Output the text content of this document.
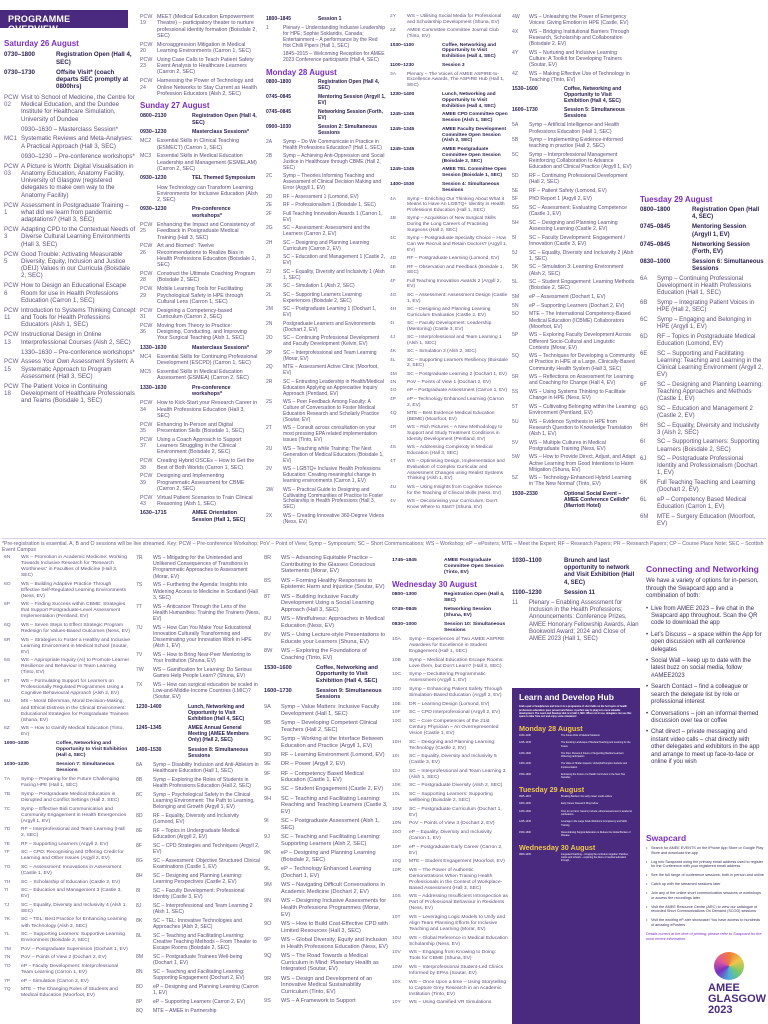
PROGRAMME OVERVIEW
Saturday 26 August
0730–1800	Registration Open (Hall 4, SEC)
0730–1730	Offsite Visit* (coach departs SEC promptly at 0800hrs)
PCW 02
Visit to School of Medicine, the Centre for Medical Education, and the Dundee Institute for Healthcare Simulation, University of Dundee
0930–1630 – Masterclass Session*
MC1 Systematic Reviews and Meta-Analyses: A Practical Approach (Hall 3, SEC)
0930–1230 – Pre-conference workshops*
PCW 03
A Picture is Worth: Digital Visualisation in Anatomy Education, Anatomy Facility, University of Glasgow (registered delegates to make own way to the Anatomy Facility)
PCW 1
Assessment in Postgraduate Training – what did we learn from pandemic adaptations? (Hall 3, SEC)
PCW 3
Adapting CPD to the Contextual Needs of Diverse Cultural Learning Environments (Hall 3, SEC)
PCW 5
Good Trouble: Activating Measurable Diversity, Equity, Inclusion and Justice (DEIJ) Values in our Curricula (Boisdale 2, SEC)
PCW 6
How to Design an Educational Escape Room for use in Health Professions Education (Carron 1, SEC)
PCW 11
Introduction to Systems Thinking Concept and Tools for Health Professions Educators (Alsh 1, SEC)
PCW 13
Instructional Design in Online Interprofessional Courses (Alsh 2, SEC)
1330–1630 – Pre-conference workshops*
PCW 15
Assess Your Own Assessment System: A Systematic Approach to Program Assessment (Hall 3, SEC)
PCW 18
The Patient Voice in Continuing Development of Healthcare Professionals and Teams (Boisdale 1, SEC)
PCW 19
MEET (Medical Education Empowerment Theatre) – participatory theater to nurture professional identity formation (Boisdale 2, SEC)
PCW 20
Microaggression Mitigation in Medical Learning Environments (Carron 1, SEC)
PCW 23
Using Case Calls to Teach Patient Safety Event Analysis to Healthcare Learners (Carron 2, SEC)
PCW 24
Harnessing the Power of Technology and Online Networks to Stay Current as Health Profession Educators (Alsh 2, SEC)
Sunday 27 August
0800–2130	Registration Open (Hall 4, SEC)
0930–1230	Masterclass Sessions*
MC2	Essential Skills in Clinical Teaching (ESMECT) (Carron 1, SEC)
MC3	Essential Skills in Medical Education Leadership and Management (ESMELAM) (Carron 2, SEC)
0930–1230	TEL Themed Symposium
How Technology can Transform Learning Environments for Inclusive Education (Alsh 2, SEC)
0930–1230	Pre-conference workshops*
PCW 25
Enhancing the Impact and Consistency of Feedback in Postgraduate Medical Training (Hall 3, SEC)
PCW 26
Art and Biomed’: Twelve Recommendations to Realize Bias in Health Professions Education (Boisdale 1, SEC)
PCW 28
Construct the Ultimate Coaching Program (Boisdale 2, SEC)
PCW 29
Mobile Learning Tools for Facilitating Psychological Safety in HPE through Cultural Lens (Carron 1, SEC)
PCW 31
Designing a Competency-based Curriculum (Carron 2, SEC)
PCW 36
Moving from Theory to Practice: Designing, Conducting, and Improving Your Surgical Teaching (Alsh 1, SEC)
1330–1630	Masterclass Sessions*
MC4	Essential Skills for Continuing Professional Development (ESCPD) (Carron 1, SEC)
MC5	Essential Skills in Medical Education Assessment (ESMEA) (Carron 2, SEC)
1330–1630	Pre-conference workshops*
PCW 34
How to Kick-Start your Research Career in Health Professions Education (Hall 3, SEC)
PCW 35
Enhancing In-Person and Digital Presentation Skills (Boisdale 1, SEC)
PCW 37
Using a Coach Approach to Support Learners Struggling in the Clinical Environment (Boisdale 2, SEC)
PCW 38
Creating Hybrid OSCEs – How to Get the Best of Both Worlds (Carron 1, SEC)
PCW 39
Designing and Implementing Programmatic Assessment for CBME (Carron 2, SEC)
PCW 43
Virtual Patient Scenarios to Train Clinical Reasoning (Alsh 1, SEC)
1630–1715	AMEE Orientation Session (Hall 1, SEC)
1800–1845	Session 1
1	Plenary – Understanding Inclusive Leadership for HPE; Sophie Soklaridis, Canada; Entertainment – A performance by the Red Hot Chilli Pipers (Hall 1, SEC)
1845–2015 – Welcoming Reception for AMEE 2023 Conference participants (Hall 4, SEC)
Monday 28 August
0800–1800	Registration Open (Hall 4, SEC)
0745–0845	Mentoring Session (Argyll 1, EV)
0745–0845	Networking Session (Forth, EV)
0900–1030	Session 2: Simultaneous Sessions
2A	Symp – Do We Communicate in Practice in Health Professions Education? (Hall 1, SEC)
2B	Symp – Achieving Anti-Oppression and Social Justice in Healthcare through CBME (Hall 2, SEC)
2C	Symp – Theories Informing Teaching and Assessment of Clinical Decision Making and Error (Argyll 1, EV)
2D	RF – Assessment 1 (Lomond, EV)
2E	RF – Professionalism 1 (Boisdale 1, SEC)
2F	Full Teaching Innovation Awards 1 (Carron 1, EV)
2G	SC – Assessment: Assessment and the Learners (Carron 2, EV)
2H	SC – Designing and Planning Learning Curriculum (Carron 2, EV)
2I	SC – Education and Management 1 (Castle 2, EV)
2J	SC – Equality, Diversity and Inclusivity 1 (Alsh 1, SEC)
2K	SC – Simulation 1 (Alsh 2, SEC)
2L	SC – Supporting Learners Learning Experiences (Boisdale 2, SEC)
2M	SC – Postgraduate Learning 1 (Dochart 1, EV)
2N	Postgraduate Learners and Environments (Dochart 2, EV)
2O	SC – Continuing Professional Development and Faculty Development (Kelvin, EV)
2P	SC – Interprofessional and Team Learning (Morar, EV)
2Q	MTE – Assessment Active Clinic (Moorfoot, EV)
2R	SC – Entrusting Leadership in Health/Medical Education Applying an Appreciative Inquiry Approach (Pentland, EV)
2S	WS – Peer Feedback Among Faculty: A Culture of Conversation to Foster Medical Education Research and Scholarly Practice (Soutar, EV)
2T	WS – Consult across consultation on your most pressing EPA related implementation issues (Tinto, EV)
2U	WS – Teaching while Training: The Next Generation of Medical Educators (Boisdale 1, EV)
2V	WS – LGBTQ+ Inclusive Health Professions Education: Creating meaningful change in learning environments (Carron 1, EV)
2W	WS – Practical Guide to Designing and Cultivating Communities of Practice to Foster Scholarship in Health Professions (Hall 3, SEC)
2X	WS – Creating Innovative 360-Degree Videos (Ness, EV)
2Y	WS – Utilising Social Media for Professional and Scholarship Development (Shuna, EV)
2Z	AMEE Committee Committee Journal Club (Tinto, EV)
1030–1100	Coffee, Networking and Opportunity to Visit Exhibition (Hall 4, SEC)
1100–1230	Session 3
3A	Plenary – The Voices of AMEE ASPIRE-to-Excellence Awards, The ASPIRE Hub (Hall 1, SEC)
1230–1400	Lunch, Networking and Opportunity to Visit Exhibition (Hall 4, SEC)
1245–1345	AMEE CPD Committee Open Session (Alsh 1, SEC)
1245–1345	AMEE Faculty Development Committee Open Session (Alsh 2, SEC)
1245–1345	AMEE Postgraduate Committee Open Session (Boisdale 2, SEC)
1245–1345	AMEE TEL Committee Open Session (Boisdale 1, SEC)
1400–1530	Session 4: Simultaneous Sessions
4A	Symp – Enriching Our Thinking About What it Means to Have An LGBTQ+ Identity in Health Professions Education (Hall 1, SEC)
4B	Symp – Acquisition of New Surgical Skills During the Long Careers of Practising Surgeons (Hall 2, SEC)
4C	Symp – Postgraduate Specialty Choice – How Can We Recruit and Retain Doctors? (Argyll 1, EV)
4D	RF – Postgraduate Learning (Lomond, EV)
4E	RF – Observation and Feedback (Boisdale 1, SEC)
4F	Full Teaching Innovation Awards 2 (Argyll 2, EV)
4G	SC – Assessment: Assessment Design (Castle 1, EV)
4H	SC – Designing and Planning Learning Curriculum Evaluation (Castle 2, EV)
4I	SC – Faculty Development: Leadership (Mentoring) (Castle 3, EV)
4J	SC – Interprofessional and Team Learning 1 (Alsh 1, SEC)
4K	SC – Simulation 2 (Alsh 2, SEC)
4L	SC – Supporting Learners Resiliency (Boisdale 2, SEC)
4M	SC – Postgraduate Learning 2 (Dochart 1, EV)
4N	PoV – Points of View 1 (Dochart 2, EV)
4O	eP – Postgraduate Assessment (Carron 1, EV)
4P	eP – Technology Enhanced Learning (Carron 2, EV)
4Q	MTE – Best Evidence Medical Education (BEME) (Moorfoot, EV)
4R	WS – Rich Pictures – A New Methodology to Support and Study Treatment Conditions in Identity Development (Pentland, EV)
4S	WS – Addressing Complexity in Medical Education (Hall 3, SEC)
4T	WS – Optimising Design, Implementation and Evaluation of Complex Curricular and Assessment Changes using Realist Systems Thinking (Alsh 1, EV)
4U	WS – Using Insights from Cognitive Science for the Teaching of Clinical Skills (Ness, EV)
4V	WS – Decolonising your Curriculum: Don’t Know Where to Start? (Shuna, EV)
4W	WS – Unleashing the Power of Emergency Voices: Giving Emotion in HPE (Castle, EV)
4X	WS – Bridging Institutional Barriers Through Research, Scholarship and Collaboration (Boisdale 2, EV)
4Y	WS – Nurturing and Inclusive Learning Culture: A Toolkit for Developing Trainers (Soutar, EV)
4Z	WS – Making Effective Use of Technology in Teaching (Tinto, EV)
1530–1600	Coffee, Networking and Opportunity to Visit Exhibition (Hall 4, SEC)
1600–1730	Session 5: Simultaneous Sessions
5A	Symp – Artificial Intelligence and Health Professions Education (Hall 1, SEC)
5B	Symp – Implementing Evidence-informed teaching in practice (Hall 2, SEC)
5C	Symp – Interprofessional Management Reinforcing Collaboration to Advance Education and Clinical Practice (Argyll 1, EV)
5D	RF – Continuing Professional Development (Hall 2, SEC)
5E	RF – Patient Safety (Lomond, EV)
5F	PhD Report 1 (Argyll 2, EV)
5G	SC – Assessment: Evaluating Competence (Castle 1, EV)
5H	SC – Designing and Planning Learning Assessing Learning (Castle 2, EV)
5I	SC – Faculty Development: Engagement / Innovation (Castle 3, EV)
5J	SC – Equality, Diversity and Inclusivity 2 (Alsh 1, SEC)
5K	SC – Simulation 3: Learning Environment (Alsh 2, SEC)
5L	SC – Student Engagement: Learning Methods (Boisdale 2, SEC)
5M	eP – Assessment (Dochart 1, EV)
5N	eP – Supporting Learners (Dochart 2, EV)
5O	MTE – The International Competency-Based Medical Education (ICBME) Collaborators (Moorfoot, EV)
5P	WS – Exploring Faculty Development Across Different Socio-Cultural and Linguistic Contexts (Morar, EV)
5Q	WS – Techniques for Developing a Community of Practice in HPE at a Large, Clinically-Based Community Health System (Hall 3, SEC)
5R	WS – Reflections on Assessment for Learning and Coaching for Change (Hall 4, EV)
5S	WS – Using Systems Thinking to Facilitate Change in HPE (Ness, EV)
5T	WS – Cultivating Belonging within the Learning Environment (Pentland, EV)
5U	WS – Evidence Synthesis in HPE from Research Question to Knowledge Translation (Alsh 1, EV)
5V	WS – Multiple Cultures in Medical Postgraduate Training (Ness, EV)
5W	WS – How to Provide Direct, Adjust, and Adapt Active Learning from Good Intentions to Harm Mitigation (Shuna, EV)
5Z	WS – Technology-Enhanced Hybrid Learning in 'The New Normal' (Tinto, EV)
1930–2330	Optional Social Event – AMEE Conference Ceilidh* (Marriott Hotel)
Tuesday 29 August
0800–1800	Registration Open (Hall 4, SEC)
0745–0845	Mentoring Session (Argyll 1, EV)
0745–0845	Networking Session (Forth, EV)
0830–1000	Session 6: Simultaneous Sessions
6A	Symp – Continuing Professional Development in Health Professions Education (Hall 1, SEC)
6B	Symp – Integrating Patient Voices in HPE (Hall 2, SEC)
6C	Symp – Engaging and Belonging in HPE (Argyll 1, EV)
6D	RF – Topics in Postgraduate Medical Education (Lomond, EV)
6E	SC – Supporting and Facilitating Learning: Teaching and Learning in the Clinical Learning Environment (Argyll 2, EV)
6F	SC – Designing and Planning Learning: Teaching Approaches and Methods (Castle 1, EV)
6G	SC – Education and Management 2 (Castle 2, EV)
6H	SC – Equality, Diversity and Inclusivity 3 (Alsh 2, SEC)
6I	SC – Supporting Learners: Supporting Learners (Boisdale 2, SEC)
6J	SC – Postgraduate Professional Identity and Professionalism (Dochart 1, EV)
6K	Full Teaching Teaching and Learning (Dochart 2, EV)
6L	eP – Competency Based Medical Education (Carron 1, EV)
6M	MTE – Surgery Education (Moorfoot, EV)
*Pre-registration is essential. A, B and O sessions will be live streamed. Key: PCW – Pre-conference Workshop; PoV – Point of View; Symp – Symposium; SC – Short Communications; WS – Workshop; eP – ePosters; MTE – Meet the Expert; RF – Research Papers; PR – Research Papers; CP – Course Place Note; SEC – Scottish Event Campus
6N	WS – Promotion in Academic Medicine: Working Towards Inclusive Research for “Research Worthiness” in Faculties of Medicine (Hall 3, SEC)
6O	WS – Building Adaptive Practice Through Effective Self-Regulated Learning Environments (Ness, EV)
6P	WS – Finding Success within CBME: Strategies that Support Postgraduate-Level Assessment Implementation (Pentland, EV)
6Q	WS – Seven Steps to Effect Strategic Program Redesign for Values-Based Outcomes (Ness, EV)
6R	WS – Strategies to Foster a Healthy and Inclusive Learning Environment in Medical School (Soutar, EV)
6S	WS – Appropriate Inquiry (AI) to Promote Learner Resilience and Behaviour in Team Learning (Tinto, EV)
6T	WS – Formulating Support for Learners on Professionally Regulated Programmes Using a Cognitive Behavioural Approach (Alsh 2, EV)
6U	MS – Moral Dilemmas, Moral Decision-Making, and Ethical Distress in the Clinical Environment: Educational Strategies for Postgraduate Trainees (Shuna, EV)
6Z	WS – How to Gamify Medical Education (Tinto, EV)
1000–1030	Coffee, Networking and Opportunity to Visit Exhibition (Hall 4, SEC)
1030–1230	Session 7: Simultaneous Sessions
7A	Symp – Preparing for the Future Challenging Facing HPE (Hall 1, SEC)
7B	Symp – Postgraduate Medical Education in Disrupted and Conflict Settings (Hall 2, SEC)
7C	Symp – Effective Bidi Communication and Community Engagement in Health Emergencies (Argyll 1, EV)
7D	RF – Interprofessional and Team Learning (Hall 2, SEC)
7E	RF – Supporting Learners (Argyll 2, EV)
7F	SC – CPD: Recognising and Offering Credit for Learning and Other Issues (Argyll 2, EV)
7G	SC – Assessment: Innovations in Assessment (Castle 1, EV)
7H	SC – Scholarship of Education (Castle 2, EV)
7I	SC – Education and Management 3 (Castle 3, EV)
7J	SC – Equality, Diversity and Inclusivity 4 (Alsh 1, SEC)
7K	SC – TEL: Best Practice for Enhancing Learning with Technology (Alsh 2, SEC)
7L	SC – Supporting Learners: Supportive Learning Environment (Boisdale 2, SEC)
7M	PoV – Postgraduate Supervision (Dochart 1, EV)
7N	PoV – Points of View 2 (Dochart 2, EV)
7O	eP – Faculty Development: Interprofessional Team Learning (Carron 1, EV)
7P	eP – Simulation (Carron 2, EV)
7Q	MTE – The Changing Roles of Students and Medical Education (Moorfoot, EV)
7R	WS – Mitigating for the Unintended and Unlikened Consequences of Transitions in Programmatic Approaches to Assessment (Morar, EV)
7S	WS – Furthering the Agenda: Insights into Widening Access to Medicine in Scotland (Hall 3, SEC)
7T	WS – Anticancer Through the Lens of the Health Humanities: Training the Trainers (Ness, EV)
7U	WS – How Can You Make Your Educational Innovation Culturally Transforming and Disseminating your Innovation Work in HPE (Alsh 1, EV)
7V	WS – How to Bring Near-Peer Mentoring to Your Institution (Shuna, EV)
7W	WS – Gamification for Learning: Do Serious Games Help People Learn? (Shuna, EV)
7X	WS – How can surgical education be scaled in Low-and-Middle-Income Countries (LMIC)? (Soutar, EV)
1230–1400	Lunch, Networking and Opportunity to Visit Exhibition (Hall 4, SEC)
1245–1345	AMEE Annual General Meeting (AMEE Members Only) (Hall 2, SEC)
1400–1530	Session 8: Simultaneous Sessions
8A	Symp – Disability Inclusion and Anti-Ableism in Healthcare Education (Hall 1, SEC)
8B	Symp – Exploring the Roles of Students in Health Professions Education (Hall 2, SEC)
8C	Symp – Psychological Safety in the Clinical Learning Environment: The Path to Learning, Belonging and Growth (Argyll 1, EV)
8D	RF – Equality, Diversity and Inclusivity (Lomond, EV)
8E	RF – Topics in Undergraduate Medical Education (Argyll 2, EV)
8F	SC – CPD Strategies and Techniques (Argyll 2, EV)
8G	SC – Assessment: Objective Structured Clinical Examinations (Castle 1, EV)
8H	SC – Designing and Planning Learning: Learning Perspectives (Castle 2, EV)
8I	SC – Faculty Development: Professional Identity (Castle 3, EV)
8J	SC – Interprofessional and Team Learning 2 (Alsh 1, SEC)
8K	SC – TEL: Innovative Technologies and Approaches (Alsh 2, SEC)
8L	SC – Teaching and Facilitating Learning: Creative Teaching Methods – From Theater to Escape Rooms (Boisdale 2, SEC)
8M	SC – Postgraduate Trainees Well-being (Dochart 1, EV)
8N	SC – Teaching and Facilitating Learning: Supporting Engagement (Dochart 2, EV)
8O	eP – Designing and Planning Learning (Carron 1, EV)
8P	eP – Supporting Learners (Carron 2, EV)
8Q	MTE – AMEE in Partnership
8R	WS – Advancing Equitable Practice – Contributing to the Glasses Conscious Statements (Morar, EV)
8S	WS – Forming Healthy Responses to Epistemic Harm and Injustice (Soutar, EV)
8T	WS – Building Inclusive Faculty Development Using a Social Learning Approach (Hall 3, SEC)
8U	WS – Mindfulness: Approaches in Medical Education (Ness, EV)
8V	WS – Using Lecture-style Presentations to Educate your Learners (Shuna, EV)
8W	WS – Exploring the Foundations of Coaching (Tinto, EV)
1530–1600	Coffee, Networking and Opportunity to Visit Exhibition (Hall 4, SEC)
1600–1730	Session 9: Simultaneous Sessions
9A	Symp – Value Matters: Inclusive Faculty Development (Hall 1, SEC)
9B	Symp – Developing Competent Clinical Teachers (Hall 2, SEC)
9C	Symp – Working at the Interface Between Education and Practice (Argyll 1, EV)
9D	RF – Learning Environment (Lomond, EV)
9E	DR – Power (Argyll 2, EV)
9F	RF – Competency Based Medical Education (Castle 1, EV)
9G	SC – Student Engagement (Castle 2, EV)
9H	SC – Teaching and Facilitating Learning: Reaching and Teaching Learners (Castle 3, EV)
9I	SC – Postgraduate Assessment (Alsh 1, SEC)
9J	SC – Teaching and Facilitating Learning: Supporting Learners (Alsh 2, SEC)
9K	eP – Designing and Planning Learning (Boisdale 2, SEC)
9L	eP – Technology Enhanced Learning (Dochart 1, EV)
9M	WS – Navigating Difficult Conversations in Academic Medicine (Dochart 2, EV)
9N	WS – Designing Inclusive Assessments for Health Professions Programmes (Morar, EV)
9O	WS – How to Build Cost-Effective CPD with Limited Resources (Hall 3, SEC)
9P	WS – Global Diversity, Equity and Inclusion in Health Professions Education (Ness, EV)
9Q	WS – The Road Towards a Medical Curriculum in Mind: Planetary Health as Integrated (Soutar, EV)
9R	WS – Design and Development of an Innovative Medical Sustainability Curriculum (Tinto, EV)
9S	WS – A Framework to Support
1745–1845	AMEE Postgraduate Committee Open Session (Tinto, EV)
Wednesday 30 August
0800–1300	Registration Open (Hall 4, SEC)
0745–0845	Networking Session (Shuna, EV)
0830–1000	Session 10: Simultaneous Sessions
10A	Symp – Experiences of Two AMEE ASPIRE Awardees for Excellence in Student Engagement (Hall 1, SEC)
10B	Symp – Medical Education Escape Rooms: Love them, but Don’t Learn? (Hall 2, SEC)
10C	Symp – Decluttering Programmatic Assessment (Argyll 1, EV)
10D	Symp – Enhancing Patient Safety Through Simulation-Based Education (Argyll 2, EV)
10E	DR – Learning Design (Lomond, EV)
10F	SC – CPD Interprofessional (Argyll 2, EV)
10G	SC – Core Competencies of the 21st Century Physician – An Overrepresented Vision (Castle 1, EV)
10H	SC – Designing and Planning Learning: Technology (Castle 2, EV)
10I	SC – Equality, Diversity and Inclusivity 5 (Castle 3, EV)
10J	SC – Interprofessional and Team Learning 3 (Alsh 1, SEC)
10K	SC – Postgraduate Diversity (Alsh 2, SEC)
10L	SC – Supporting Learners: Supporting wellbeing (Boisdale 2, SEC)
10M	SC – Postgraduate Curriculum (Dochart 1, EV)
10N	PoV – Points of View 3 (Dochart 2, EV)
10O	eP – Equality, Diversity and Inclusivity (Carron 1, EV)
10P	eP – Postgraduate Early Career (Carron 2, EV)
10Q	MTE – Student Engagement (Moorfoot, EV)
10R	WS – The Power of Authentic Demonstrations When Training Health Professionals in the Context of Workplace-Based Assessment (Hall 3, SEC)
10S	WS – Addressing Insufficient Introspection as Part of Professional Behaviour in Residents (Ness, EV)
10T	WS – Leveraging Logic Models to Unify and Align Team Planning Efforts for Inclusive Teaching and Learning (Morar, EV)
10U	WS – Global Reference in Medical Education Scholarship (Ness, EV)
10V	WS – Engaging from Knowing to Doing: Tools for CBME (Shuna, EV)
10W	WS – Interprofessional Student-Led Clinics Informed by EPAs (Soutar, EV)
10X	WS – Once Upon a time – Using Storytelling to Capture Grey Research in an Academic Institution (Tinto, EV)
10Y	WS – Using Gamified VR Simulations
1030–1100	Brunch and last opportunity to network and Visit Exhibition (Hall 4, SEC)
1100–1230	Session 11
11	Plenary – Enabling Assessment for Inclusion in the Health Professions; Announcements: Conference Prizes, AMEE Honorary Fellowship Awards, Alan Bookwold Award; 2024 and Close of AMEE 2023 (Hall 1, SEC)
Learn and Develop Hub
Grab a pair of headphones and tune in to a programme of short talks on the hot topics of health professions education: past, present and future. A perfect way to plug in to more valuable development. The Learn and Develop Hub is in Hall 4, SEC. When not in use, delegates can use this space to take ‘time out’ and enjoy some relaxation!
Monday 28 August
1030–1100	The Future Role of Medical Students
1245–1345	The Evolving Landscape of Medical Teaching and Learning for the Future
1230–1300	The Past, Present & Future of Supporting Medical Learners: Widening participation
1400–1430	The Value of Hidden Aspects: Unhelpful/Complex students and Implementation
1530–1600	Embracing the Future of a Health Curriculum in the Next Two Decades
Tuesday 29 August
0945–1015	Breaking Barriers: the early career medic-culture
1000–1030	Early Career Research Ring Fellow
1230–1300	First, do no harm: Second, include: ethical assessment in academic publications
1245–1345	Leverage in the Large Scale Workforce Competency and Skills Training
1530–1600	Decentralising Surgical Education to Reduce the Global Burden of Disease
Wednesday 30 August
0900–1030	Integrated Teaching – bringing the curriculum together: Patches, marks and schools – exploring the future of medical education through...
Connecting and Networking

We have a variety of options for in-person, through the Swapcard app and a combination of both:

• Live from AMEE 2023 – live chat in the Swapcard app throughout. Scan the QR code to download the app
• Let’s Discuss – a space within the App for open discussion with all conference delegates
• Social Wall – keep up to date with the latest buzz on social media, follow #AMEE2023
• Search Contact – find a colleague or search the delegate list by role or professional interest
• Conversations – join an informal themed discussion over tea or coffee
• Chat direct – private messaging and instant video calls – chat directly with other delegates and exhibitors in the app and arrange to meet up face-to-face or online if you wish
Swapcard
• Search for AMEE EVENTS on the iPhone App Store or Google Play Store and download the app
• Log into Swapcard using the primary email address used to register for the Conference with your registered email address
• See the full range of conference sessions, both in person and online
• Catch up with the streamed sessions later
• Join any of the online short communication sessions or workshops or access the recordings later
• Visit the AMEE Resource Centre (ARC) to view our catalogue of recorded Short Communications On Demand (SCOD) sessions
• Visit the exciting eP-ster showcase! You have access to hundreds of amazing ePosters

Details correct at the time of printing; please refer to Swapcard for the most recent information.

AMEE
GLASGOW
2023
